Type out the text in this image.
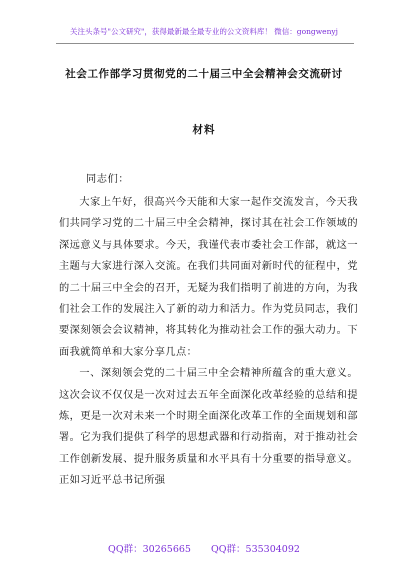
关注头条号"公文研究"，获得最新最全最专业的公文资料库！ 微信：gongwenyj
社会工作部学习贯彻党的二十届三中全会精神会交流研讨
材料
同志们：

大家上午好，很高兴今天能和大家一起作交流发言，今天我们共同学习党的二十届三中全会精神，探讨其在社会工作领域的深远意义与具体要求。今天，我谨代表市委社会工作部，就这一主题与大家进行深入交流。在我们共同面对新时代的征程中，党的二十届三中全会的召开，无疑为我们指明了前进的方向，为我们社会工作的发展注入了新的动力和活力。作为党员同志，我们要深刻领会会议精神，将其转化为推动社会工作的强大动力。下面我就简单和大家分享几点：

一、深刻领会党的二十届三中全会精神所蕴含的重大意义。这次会议不仅仅是一次对过去五年全面深化改革经验的总结和提炼，更是一次对未来一个时期全面深化改革工作的全面规划和部署。它为我们提供了科学的思想武器和行动指南，对于推动社会工作创新发展、提升服务质量和水平具有十分重要的指导意义。正如习近平总书记所强

QQ群：30265665 QQ群：535304092
